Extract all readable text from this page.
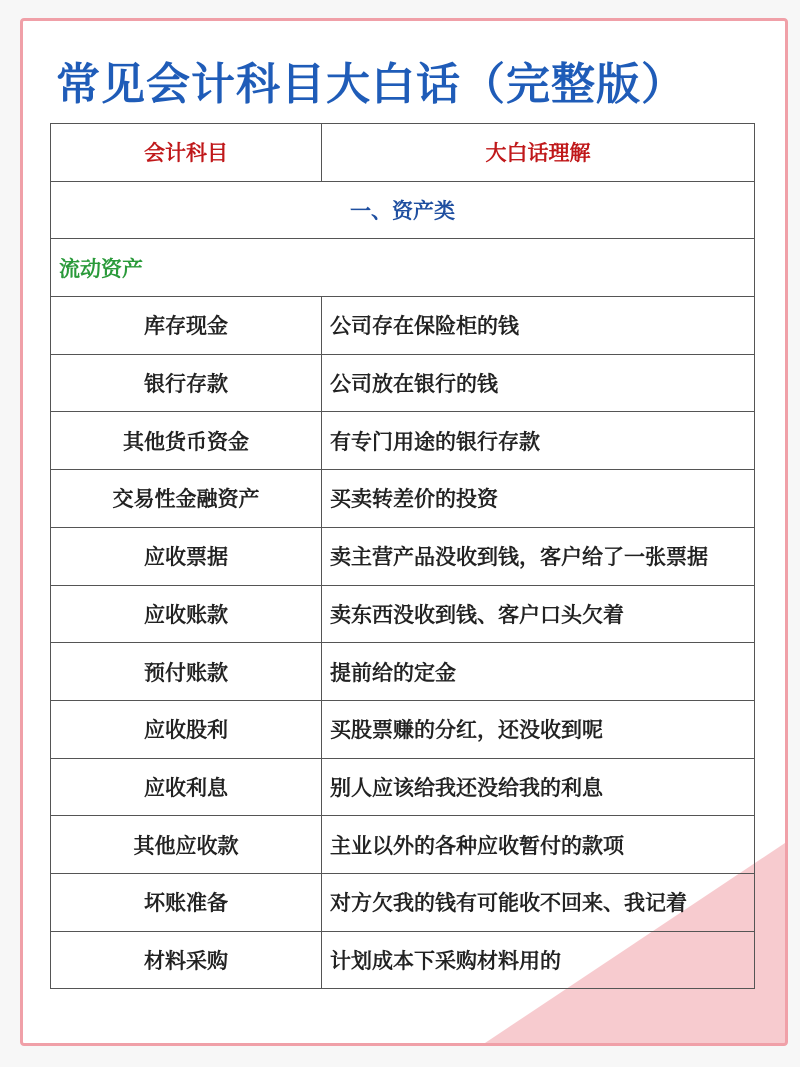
常见会计科目大白话（完整版）
会计科目	大白话理解
一、资产类	
流动资产	
库存现金	公司存在保险柜的钱
银行存款	公司放在银行的钱
其他货币资金	有专门用途的银行存款
交易性金融资产	买卖转差价的投资
应收票据	卖主营产品没收到钱，客户给了一张票据
应收账款	卖东西没收到钱、客户口头欠着
预付账款	提前给的定金
应收股利	买股票赚的分红，还没收到呢
应收利息	别人应该给我还没给我的利息
其他应收款	主业以外的各种应收暂付的款项
坏账准备	对方欠我的钱有可能收不回来、我记着
材料采购	计划成本下采购材料用的
